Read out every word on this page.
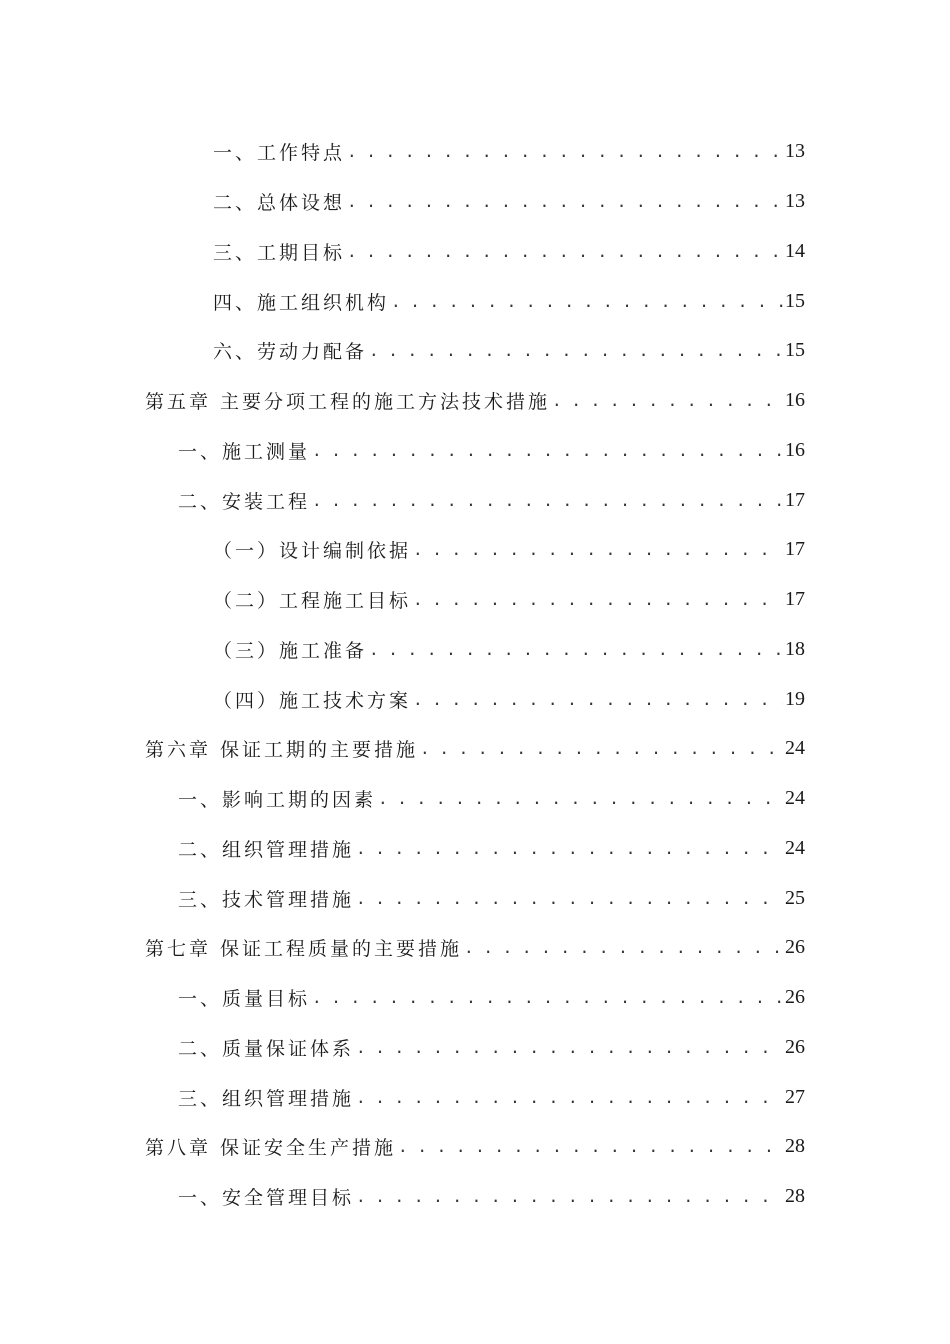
一、工作特点 . . .	13
二、总体设想 . . .	13
三、工期目标 . . .	14
四、施工组织机构 . . .	15
六、劳动力配备 . . .	15
第五章 主要分项工程的施工方法技术措施 . . .	16
一、施工测量 . . .	16
二、安装工程 . . .	17
（一）设计编制依据 . . .	17
（二）工程施工目标 . . .	17
（三）施工准备 . . .	18
（四）施工技术方案 . . .	19
第六章 保证工期的主要措施 . . .	24
一、影响工期的因素 . . .	24
二、组织管理措施 . . .	24
三、技术管理措施 . . .	25
第七章 保证工程质量的主要措施 . . .	26
一、质量目标 . . .	26
二、质量保证体系 . . .	26
三、组织管理措施 . . .	27
第八章 保证安全生产措施 . . .	28
一、安全管理目标 . . .	28
